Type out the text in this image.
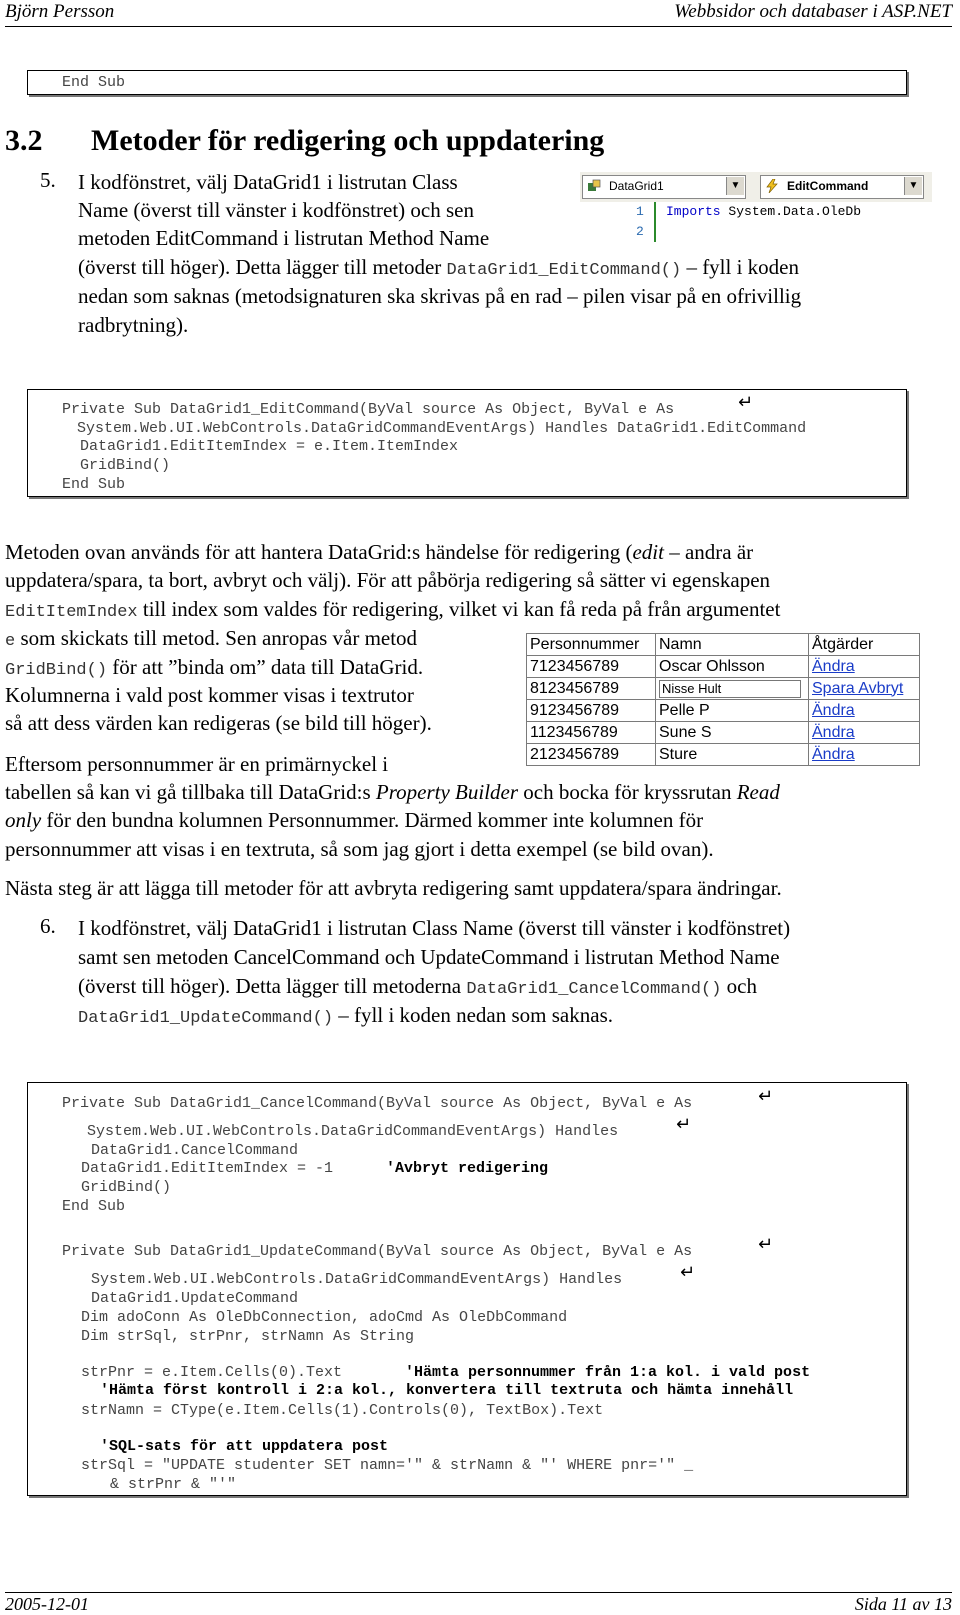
Björn Persson	Webbsidor och databaser i ASP.NET
End Sub
3.2 Metoder för redigering och uppdatering
5. I kodfönstret, välj DataGrid1 i listrutan Class
Name (överst till vänster i kodfönstret) och sen
metoden EditCommand i listrutan Method Name
(överst till höger). Detta lägger till metoder DataGrid1_EditCommand() – fyll i koden
nedan som saknas (metodsignaturen ska skrivas på en rad – pilen visar på en ofrivillig
radbrytning).
DataGrid1	▼	EditCommand	▼
1
2
Imports System.Data.OleDb
Private Sub DataGrid1_EditCommand(ByVal source As Object, ByVal e As	↵
System.Web.UI.WebControls.DataGridCommandEventArgs) Handles DataGrid1.EditCommand
DataGrid1.EditItemIndex = e.Item.ItemIndex
GridBind()
End Sub
Metoden ovan används för att hantera DataGrid:s händelse för redigering (edit – andra är
uppdatera/spara, ta bort, avbryt och välj). För att påbörja redigering så sätter vi egenskapen
EditItemIndex till index som valdes för redigering, vilket vi kan få reda på från argumentet
e som skickats till metod. Sen anropas vår metod
GridBind() för att ”binda om” data till DataGrid.
Kolumnerna i vald post kommer visas i textrutor
så att dess värden kan redigeras (se bild till höger).
Personnummer	Namn	Åtgärder
7123456789	Oscar Ohlsson	Ändra
8123456789	Nisse Hult	Spara Avbryt
9123456789	Pelle P	Ändra
1123456789	Sune S	Ändra
2123456789	Sture	Ändra
Eftersom personnummer är en primärnyckel i
tabellen så kan vi gå tillbaka till DataGrid:s Property Builder och bocka för kryssrutan Read
only för den bundna kolumnen Personnummer. Därmed kommer inte kolumnen för
personnummer att visas i en textruta, så som jag gjort i detta exempel (se bild ovan).
Nästa steg är att lägga till metoder för att avbryta redigering samt uppdatera/spara ändringar.
6. I kodfönstret, välj DataGrid1 i listrutan Class Name (överst till vänster i kodfönstret)
samt sen metoden CancelCommand och UpdateCommand i listrutan Method Name
(överst till höger). Detta lägger till metoderna DataGrid1_CancelCommand() och
DataGrid1_UpdateCommand() – fyll i koden nedan som saknas.
Private Sub DataGrid1_CancelCommand(ByVal source As Object, ByVal e As	↵
System.Web.UI.WebControls.DataGridCommandEventArgs) Handles	↵
DataGrid1.CancelCommand
DataGrid1.EditItemIndex = -1	'Avbryt redigering
GridBind()
End Sub
Private Sub DataGrid1_UpdateCommand(ByVal source As Object, ByVal e As	↵
System.Web.UI.WebControls.DataGridCommandEventArgs) Handles	↵
DataGrid1.UpdateCommand
Dim adoConn As OleDbConnection, adoCmd As OleDbCommand
Dim strSql, strPnr, strNamn As String
strPnr = e.Item.Cells(0).Text	'Hämta personnummer från 1:a kol. i vald post
'Hämta först kontroll i 2:a kol., konvertera till textruta och hämta innehåll
strNamn = CType(e.Item.Cells(1).Controls(0), TextBox).Text
'SQL-sats för att uppdatera post
strSql = "UPDATE studenter SET namn='" & strNamn & "' WHERE pnr='" _
& strPnr & "'"
2005-12-01	Sida 11 av 13
